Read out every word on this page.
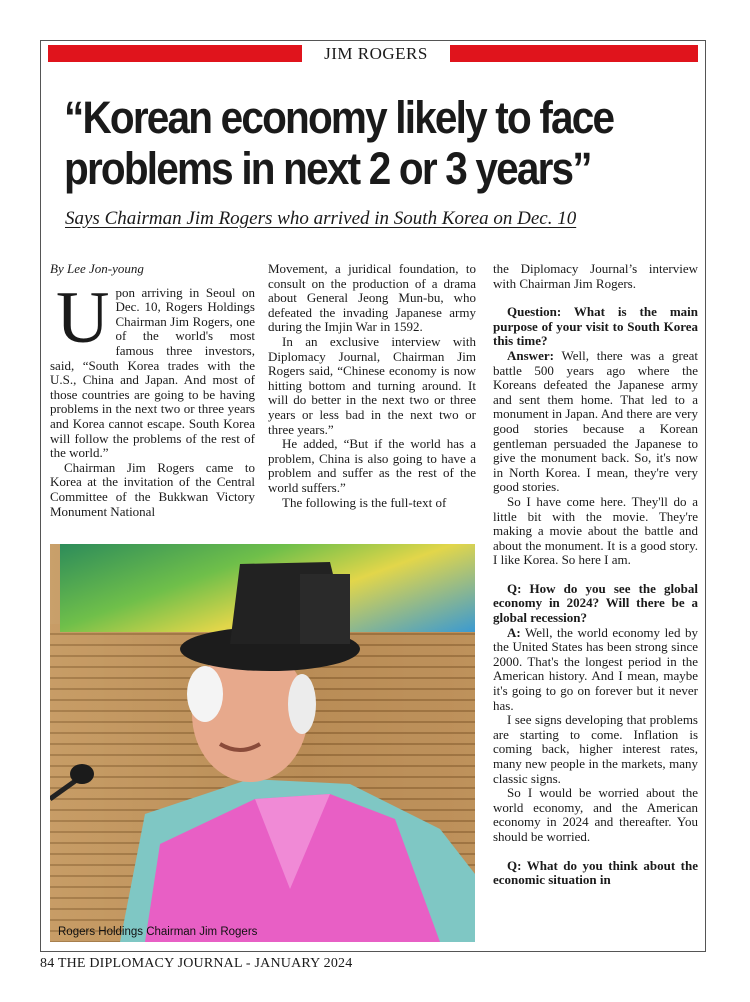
JIM ROGERS
“Korean economy likely to face
problems in next 2 or 3 years”
Says Chairman Jim Rogers who arrived in South Korea on Dec. 10

By Lee Jon-young

Upon arriving in Seoul on Dec. 10, Rogers Holdings Chairman Jim Rogers, one of the world's most famous three investors, said, “South Korea trades with the U.S., China and Japan. And most of those countries are going to be having problems in the next two or three years and Korea cannot escape. South Korea will follow the problems of the rest of the world.”

Chairman Jim Rogers came to Korea at the invitation of the Central Committee of the Bukkwan Victory Monument National

Movement, a juridical foundation, to consult on the production of a drama about General Jeong Mun-bu, who defeated the invading Japanese army during the Imjin War in 1592.

In an exclusive interview with Diplomacy Journal, Chairman Jim Rogers said, “Chinese economy is now hitting bottom and turning around. It will do better in the next two or three years or less bad in the next two or three years.”

He added, “But if the world has a problem, China is also going to have a problem and suffer as the rest of the world suffers.”

The following is the full-text of

the Diplomacy Journal’s interview with Chairman Jim Rogers.

Question: What is the main purpose of your visit to South Korea this time?

Answer: Well, there was a great battle 500 years ago where the Koreans defeated the Japanese army and sent them home. That led to a monument in Japan. And there are very good stories because a Korean gentleman persuaded the Japanese to give the monument back. So, it's now in North Korea. I mean, they're very good stories.

So I have come here. They'll do a little bit with the movie. They're making a movie about the battle and about the monument. It is a good story. I like Korea. So here I am.

Q: How do you see the global economy in 2024? Will there be a global recession?

A: Well, the world economy led by the United States has been strong since 2000. That's the longest period in the American history. And I mean, maybe it's going to go on forever but it never has.

I see signs developing that problems are starting to come. Inflation is coming back, higher interest rates, many new people in the markets, many classic signs.

So I would be worried about the world economy, and the American economy in 2024 and thereafter. You should be worried.

Q: What do you think about the economic situation in

Rogers Holdings Chairman Jim Rogers
84 THE DIPLOMACY JOURNAL - JANUARY 2024
